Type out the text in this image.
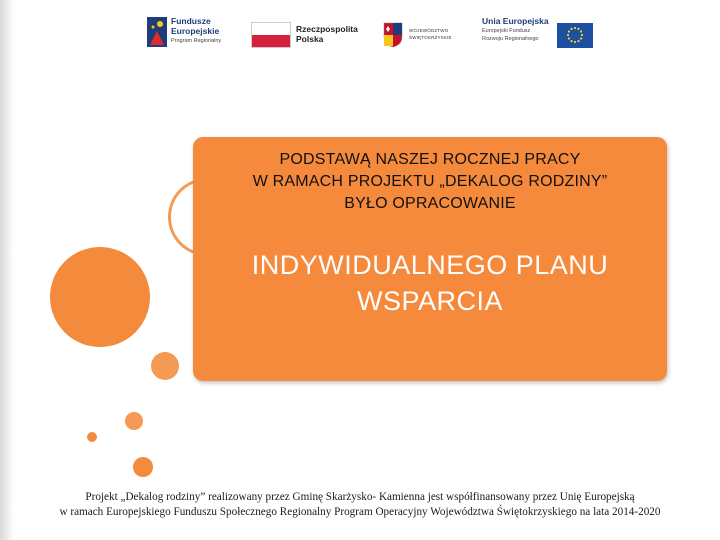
Fundusze
Europejskie
Program Regionalny
Rzeczpospolita
Polska
WOJEWÓDZTWO
ŚWIĘTOKRZYSKIE
Unia Europejska
Europejski Fundusz
Rozwoju Regionalnego
PODSTAWĄ NASZEJ ROCZNEJ PRACY
W RAMACH PROJEKTU „DEKALOG RODZINY”
BYŁO OPRACOWANIE
INDYWIDUALNEGO PLANU
WSPARCIA
Projekt „Dekalog rodziny” realizowany przez Gminę Skarżysko- Kamienna jest współfinansowany przez Unię Europejską
w ramach Europejskiego Funduszu Społecznego Regionalny Program Operacyjny Województwa Świętokrzyskiego na lata 2014-2020
